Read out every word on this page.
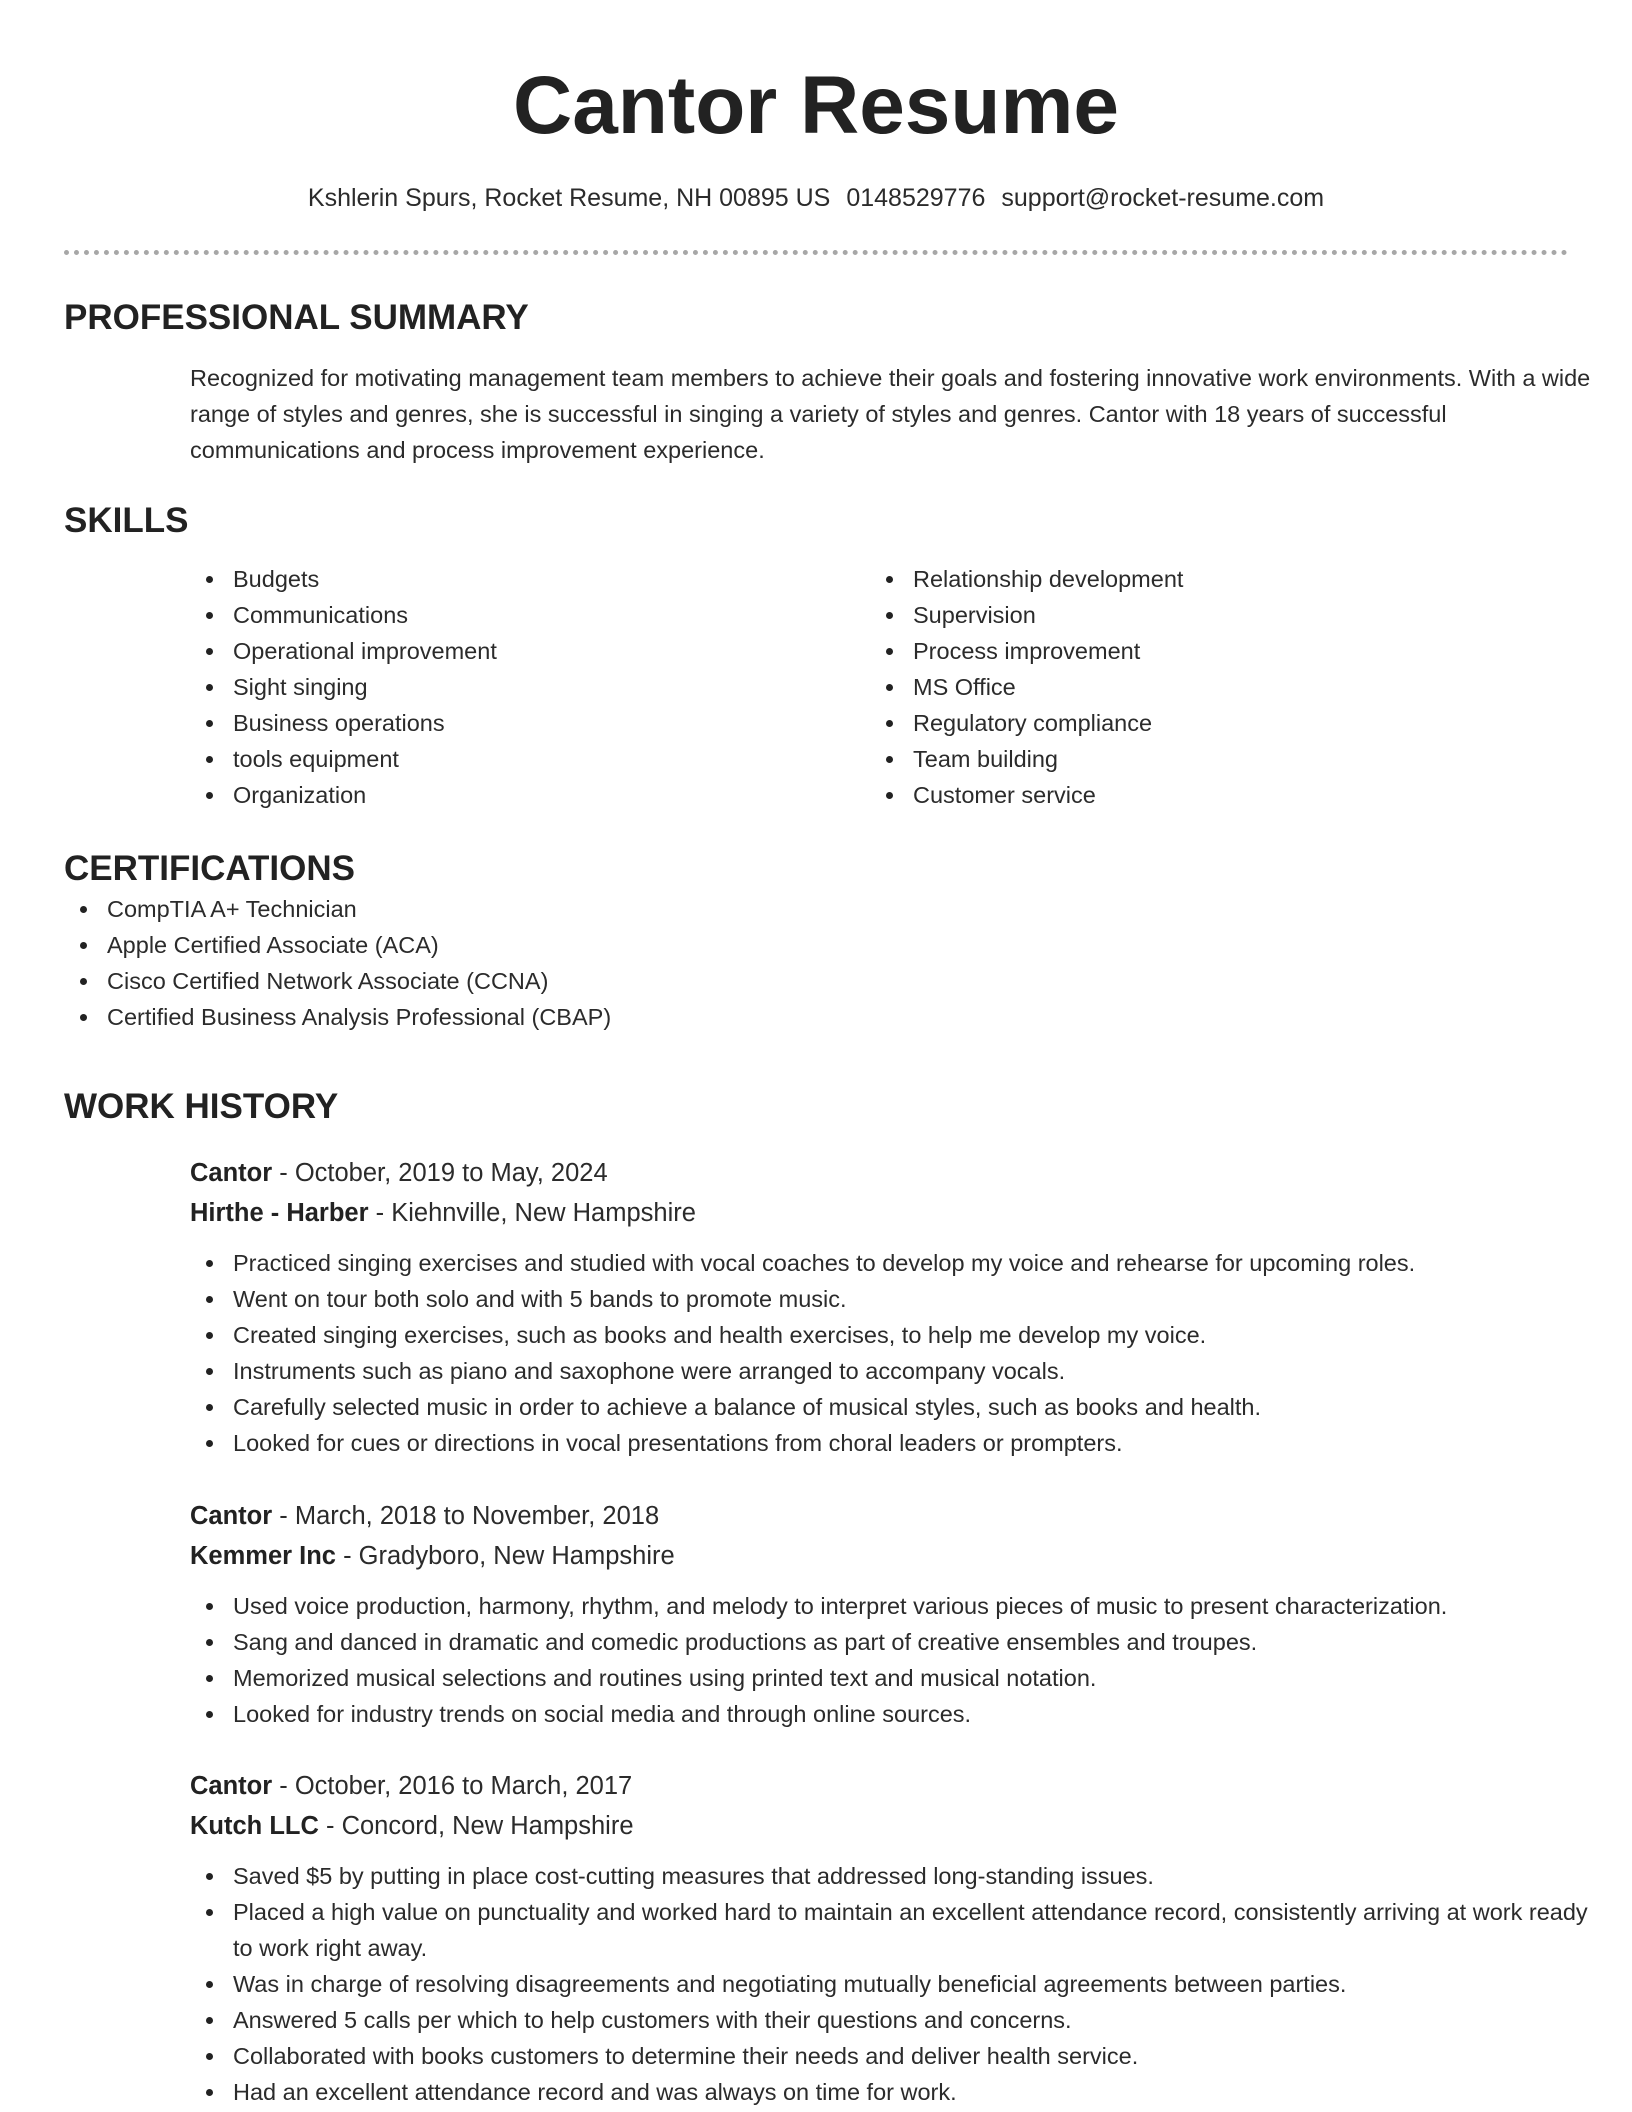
Cantor Resume
Kshlerin Spurs, Rocket Resume, NH 00895 US 0148529776 support@rocket-resume.com
PROFESSIONAL SUMMARY

Recognized for motivating management team members to achieve their goals and fostering innovative work environments. With a wide range of styles and genres, she is successful in singing a variety of styles and genres. Cantor with 18 years of successful communications and process improvement experience.

SKILLS
Budgets
Communications
Operational improvement
Sight singing
Business operations
tools equipment
Organization
Relationship development
Supervision
Process improvement
MS Office
Regulatory compliance
Team building
Customer service
CERTIFICATIONS
CompTIA A+ Technician
Apple Certified Associate (ACA)
Cisco Certified Network Associate (CCNA)
Certified Business Analysis Professional (CBAP)
WORK HISTORY
Cantor - October, 2019 to May, 2024
Hirthe - Harber - Kiehnville, New Hampshire
Practiced singing exercises and studied with vocal coaches to develop my voice and rehearse for upcoming roles.
Went on tour both solo and with 5 bands to promote music.
Created singing exercises, such as books and health exercises, to help me develop my voice.
Instruments such as piano and saxophone were arranged to accompany vocals.
Carefully selected music in order to achieve a balance of musical styles, such as books and health.
Looked for cues or directions in vocal presentations from choral leaders or prompters.
Cantor - March, 2018 to November, 2018
Kemmer Inc - Gradyboro, New Hampshire
Used voice production, harmony, rhythm, and melody to interpret various pieces of music to present characterization.
Sang and danced in dramatic and comedic productions as part of creative ensembles and troupes.
Memorized musical selections and routines using printed text and musical notation.
Looked for industry trends on social media and through online sources.
Cantor - October, 2016 to March, 2017
Kutch LLC - Concord, New Hampshire
Saved $5 by putting in place cost-cutting measures that addressed long-standing issues.
Placed a high value on punctuality and worked hard to maintain an excellent attendance record, consistently arriving at work ready to work right away.
Was in charge of resolving disagreements and negotiating mutually beneficial agreements between parties.
Answered 5 calls per which to help customers with their questions and concerns.
Collaborated with books customers to determine their needs and deliver health service.
Had an excellent attendance record and was always on time for work.
